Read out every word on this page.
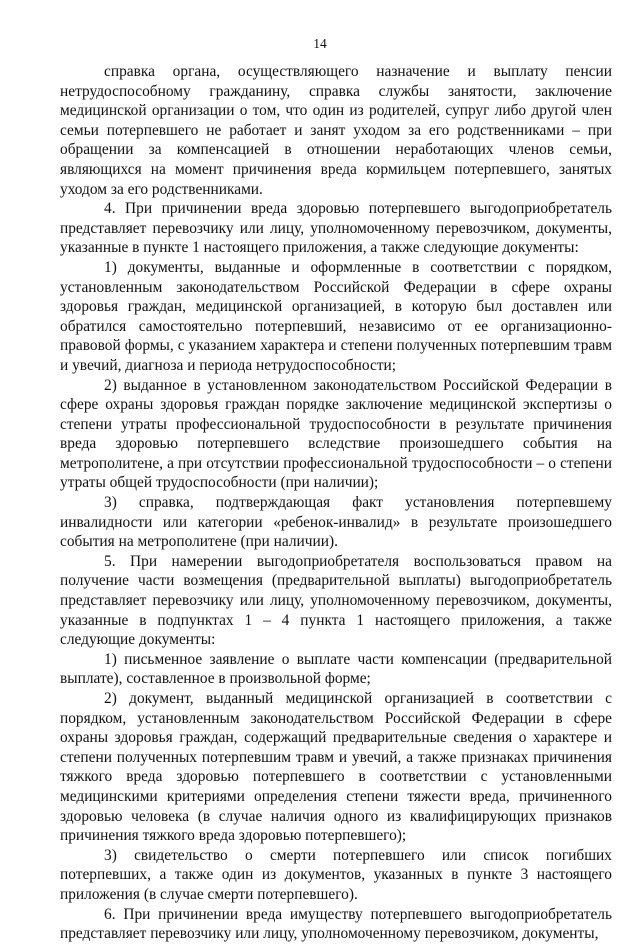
14

справка органа, осуществляющего назначение и выплату пенсии нетрудоспособному гражданину, справка службы занятости, заключение медицинской организации о том, что один из родителей, супруг либо другой член семьи потерпевшего не работает и занят уходом за его родственниками – при обращении за компенсацией в отношении неработающих членов семьи, являющихся на момент причинения вреда кормильцем потерпевшего, занятых уходом за его родственниками.

4. При причинении вреда здоровью потерпевшего выгодоприобретатель представляет перевозчику или лицу, уполномоченному перевозчиком, документы, указанные в пункте 1 настоящего приложения, а также следующие документы:

1) документы, выданные и оформленные в соответствии с порядком, установленным законодательством Российской Федерации в сфере охраны здоровья граждан, медицинской организацией, в которую был доставлен или обратился самостоятельно потерпевший, независимо от ее организационно-правовой формы, с указанием характера и степени полученных потерпевшим травм и увечий, диагноза и периода нетрудоспособности;

2) выданное в установленном законодательством Российской Федерации в сфере охраны здоровья граждан порядке заключение медицинской экспертизы о степени утраты профессиональной трудоспособности в результате причинения вреда здоровью потерпевшего вследствие произошедшего события на метрополитене, а при отсутствии профессиональной трудоспособности – о степени утраты общей трудоспособности (при наличии);

3) справка, подтверждающая факт установления потерпевшему инвалидности или категории «ребенок-инвалид» в результате произошедшего события на метрополитене (при наличии).

5. При намерении выгодоприобретателя воспользоваться правом на получение части возмещения (предварительной выплаты) выгодоприобретатель представляет перевозчику или лицу, уполномоченному перевозчиком, документы, указанные в подпунктах 1 – 4 пункта 1 настоящего приложения, а также следующие документы:

1) письменное заявление о выплате части компенсации (предварительной выплате), составленное в произвольной форме;

2) документ, выданный медицинской организацией в соответствии с порядком, установленным законодательством Российской Федерации в сфере охраны здоровья граждан, содержащий предварительные сведения о характере и степени полученных потерпевшим травм и увечий, а также признаках причинения тяжкого вреда здоровью потерпевшего в соответствии с установленными медицинскими критериями определения степени тяжести вреда, причиненного здоровью человека (в случае наличия одного из квалифицирующих признаков причинения тяжкого вреда здоровью потерпевшего);

3) свидетельство о смерти потерпевшего или список погибших потерпевших, а также один из документов, указанных в пункте 3 настоящего приложения (в случае смерти потерпевшего).

6. При причинении вреда имуществу потерпевшего выгодоприобретатель представляет перевозчику или лицу, уполномоченному перевозчиком, документы,
